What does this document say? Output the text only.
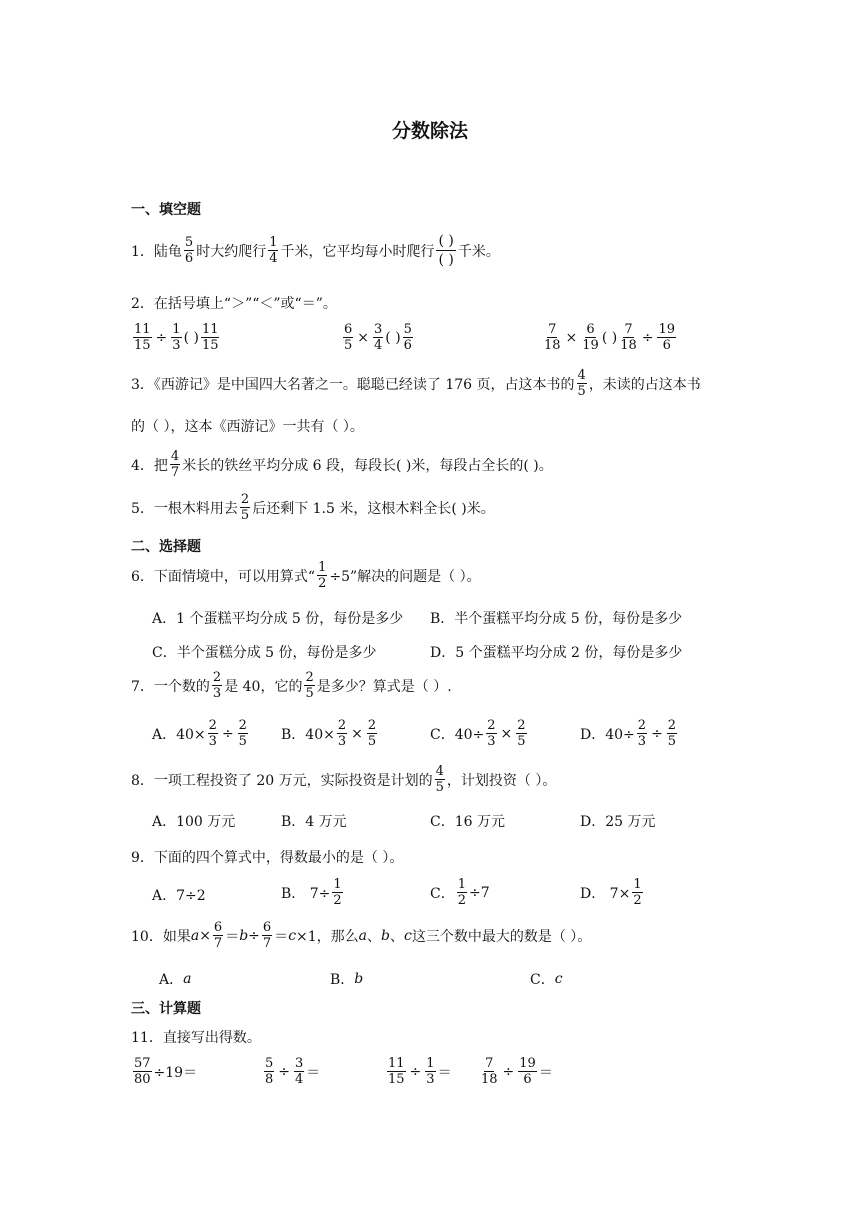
分数除法
一、填空题
1．陆龟 $\frac{5}{6}$ 时大约爬行 $\frac{1}{4}$ 千米，它平均每小时爬行 $\frac{( )}{( )}$ 千米。
2．在括号填上“＞”“＜”或“＝”。
$\frac{11}{15} \div \frac{1}{3}$ ( ) $\frac{11}{15}$	$\frac{6}{5} \times \frac{3}{4}$ ( ) $\frac{5}{6}$	$\frac{7}{18} \times \frac{6}{19}$ ( ) $\frac{7}{18} \div \frac{19}{6}$
3．《西游记》是中国四大名著之一。聪聪已经读了 176 页，占这本书的 $\frac{4}{5}$ ，未读的占这本书
的（ ），这本《西游记》一共有（ ）。
4．把 $\frac{4}{7}$ 米长的铁丝平均分成 6 段，每段长( )米，每段占全长的( )。
5．一根木料用去 $\frac{2}{5}$ 后还剩下 1.5 米，这根木料全长( )米。
二、选择题
6．下面情境中，可以用算式“ $\frac{1}{2} \div 5$”解决的问题是（ ）。
A．1 个蛋糕平均分成 5 份，每份是多少 B．半个蛋糕平均分成 5 份，每份是多少
C．半个蛋糕分成 5 份，每份是多少	D．5 个蛋糕平均分成 2 份，每份是多少
7．一个数的 $\frac{2}{3}$ 是 40，它的 $\frac{2}{5}$ 是多少？算式是（ ）.
A．$40\times \frac{2}{3} \div \frac{2}{5}$ B．$40\times \frac{2}{3} \times \frac{2}{5}$	C．$40\div \frac{2}{3} \times \frac{2}{5}$	D．$40\div \frac{2}{3} \div \frac{2}{5}$
8．一项工程投资了 20 万元，实际投资是计划的 $\frac{4}{5}$ ，计划投资（ ）。
A．100 万元	B．4 万元	C．16 万元	D．25 万元
9．下面的四个算式中，得数最小的是（ ）。
A．7÷2	B． $7\div \frac{1}{2}$	C． $\frac{1}{2} \div 7$	D． $7\times \frac{1}{2}$
10．如果 $a \times \frac{6}{7} = b \div \frac{6}{7} = c \times 1$，那么 a 、 b 、 c 这三个数中最大的数是（ ）。
A． a	B． b	C． c
三、计算题
11．直接写出得数。
$\frac{57}{80} \div 19=$	$\frac{5}{8} \div \frac{3}{4}$ ＝	$\frac{11}{15} \div \frac{1}{3} = \frac{7}{18} \div \frac{19}{6}$ ＝
